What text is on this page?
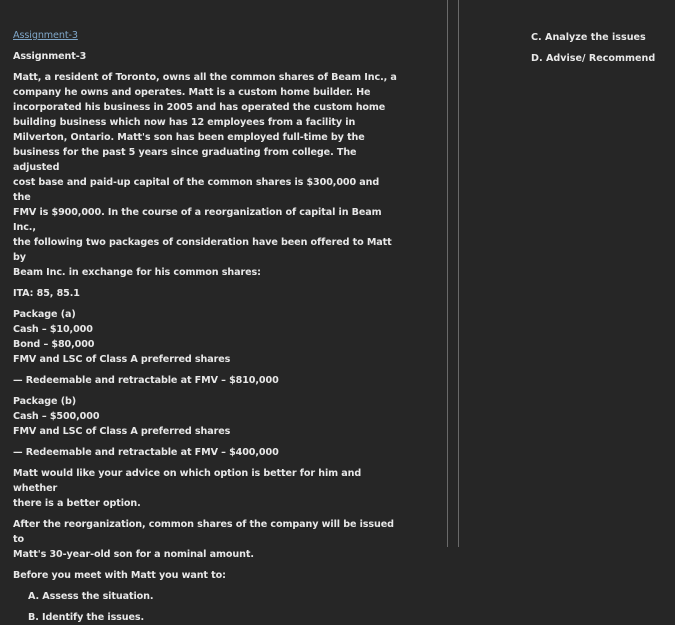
Assignment-3

Assignment-3

Matt, a resident of Toronto, owns all the common shares of Beam Inc., a

company he owns and operates. Matt is a custom home builder. He

incorporated his business in 2005 and has operated the custom home

building business which now has 12 employees from a facility in

Milverton, Ontario. Matt's son has been employed full-time by the

business for the past 5 years since graduating from college. The adjusted

cost base and paid-up capital of the common shares is $300,000 and the

FMV is $900,000. In the course of a reorganization of capital in Beam Inc.,

the following two packages of consideration have been offered to Matt by

Beam Inc. in exchange for his common shares:

ITA: 85, 85.1

Package (a)

Cash – $10,000

Bond – $80,000

FMV and LSC of Class A preferred shares

— Redeemable and retractable at FMV – $810,000

Package (b)

Cash – $500,000

FMV and LSC of Class A preferred shares

— Redeemable and retractable at FMV – $400,000

Matt would like your advice on which option is better for him and whether

there is a better option.

After the reorganization, common shares of the company will be issued to

Matt's 30-year-old son for a nominal amount.

Before you meet with Matt you want to:

A. Assess the situation.

B. Identify the issues.

C. Analyze the issues

D. Advise/ Recommend
